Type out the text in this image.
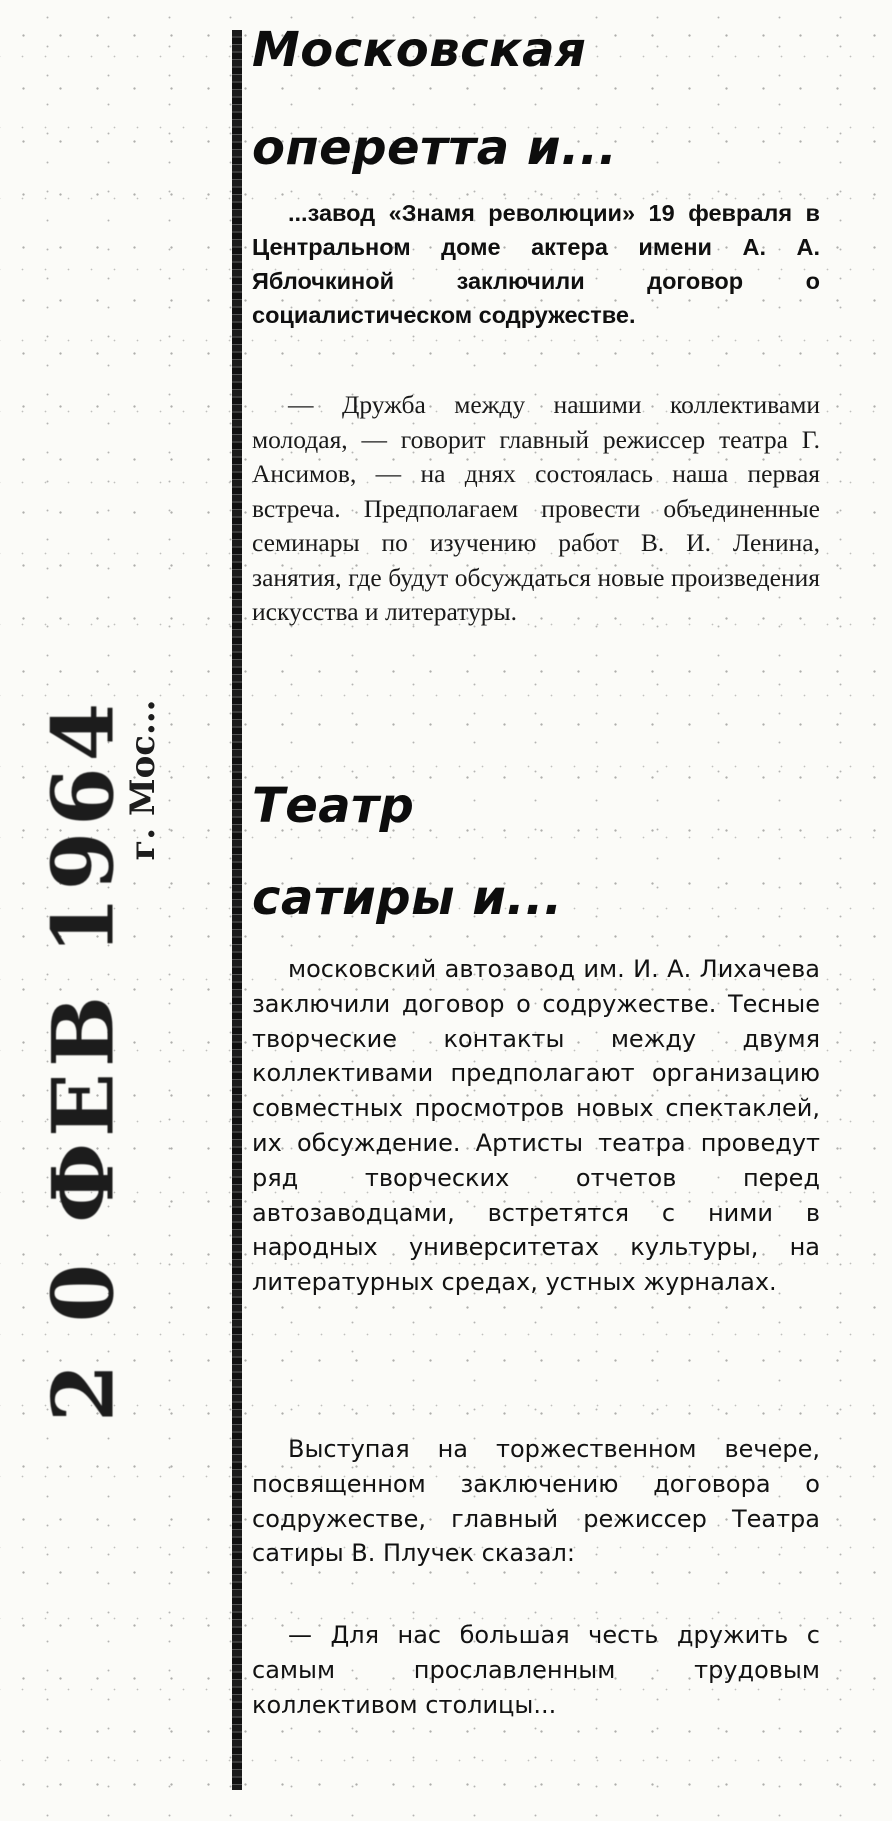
2 0 ФЕВ 1964
г. Мос...
Московская
оперетта и...

...завод «Знамя революции» 19 февраля в Центральном доме актера имени А. А. Яблочкиной заключили договор о социалистическом содружестве.

— Дружба между нашими коллективами молодая, — говорит главный режиссер театра Г. Ансимов, — на днях состоялась наша первая встреча. Предполагаем провести объединенные семинары по изучению работ В. И. Ленина, занятия, где будут обсуждаться новые произведения искусства и литературы.

Театр
сатиры и...

московский автозавод им. И. А. Лихачева заключили договор о содружестве. Тесные творческие контакты между двумя коллективами предполагают организацию совместных просмотров новых спектаклей, их обсуждение. Артисты театра проведут ряд творческих отчетов перед автозаводцами, встретятся с ними в народных университетах культуры, на литературных средах, устных журналах.

Выступая на торжественном вечере, посвященном заключению договора о содружестве, главный режиссер Театра сатиры В. Плучек сказал:

— Для нас большая честь дружить с самым прославленным трудовым коллективом столицы...
